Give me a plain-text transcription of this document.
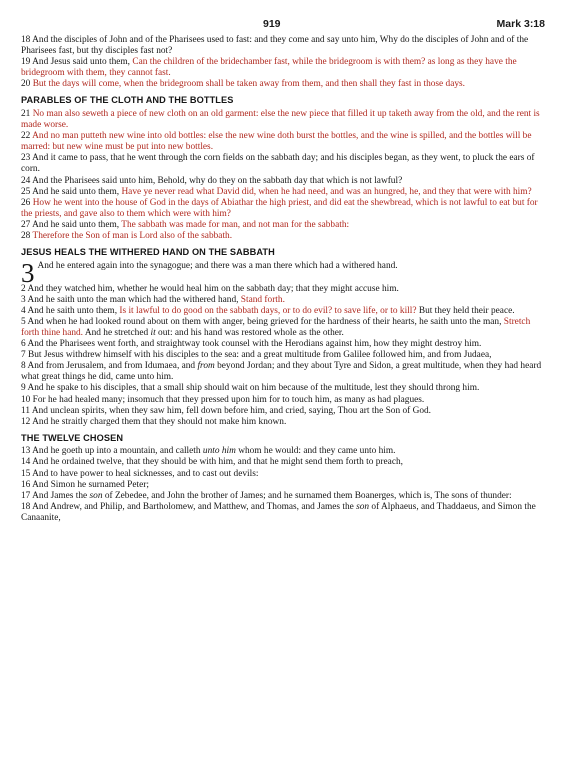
919	Mark 3:18

18 And the disciples of John and of the Pharisees used to fast: and they come and say unto him, Why do the disciples of John and of the Pharisees fast, but thy disciples fast not?

19 And Jesus said unto them, Can the children of the bridechamber fast, while the bridegroom is with them? as long as they have the bridegroom with them, they cannot fast.

20 But the days will come, when the bridegroom shall be taken away from them, and then shall they fast in those days.

PARABLES OF THE CLOTH AND THE BOTTLES

21 No man also seweth a piece of new cloth on an old garment: else the new piece that filled it up taketh away from the old, and the rent is made worse.

22 And no man putteth new wine into old bottles: else the new wine doth burst the bottles, and the wine is spilled, and the bottles will be marred: but new wine must be put into new bottles.

23 And it came to pass, that he went through the corn fields on the sabbath day; and his disciples began, as they went, to pluck the ears of corn.

24 And the Pharisees said unto him, Behold, why do they on the sabbath day that which is not lawful?

25 And he said unto them, Have ye never read what David did, when he had need, and was an hungred, he, and they that were with him?

26 How he went into the house of God in the days of Abiathar the high priest, and did eat the shewbread, which is not lawful to eat but for the priests, and gave also to them which were with him?

27 And he said unto them, The sabbath was made for man, and not man for the sabbath:

28 Therefore the Son of man is Lord also of the sabbath.

JESUS HEALS THE WITHERED HAND ON THE SABBATH

3 And he entered again into the synagogue; and there was a man there which had a withered hand.

2 And they watched him, whether he would heal him on the sabbath day; that they might accuse him.

3 And he saith unto the man which had the withered hand, Stand forth.

4 And he saith unto them, Is it lawful to do good on the sabbath days, or to do evil? to save life, or to kill? But they held their peace.

5 And when he had looked round about on them with anger, being grieved for the hardness of their hearts, he saith unto the man, Stretch forth thine hand. And he stretched it out: and his hand was restored whole as the other.

6 And the Pharisees went forth, and straightway took counsel with the Herodians against him, how they might destroy him.

7 But Jesus withdrew himself with his disciples to the sea: and a great multitude from Galilee followed him, and from Judaea,

8 And from Jerusalem, and from Idumaea, and from beyond Jordan; and they about Tyre and Sidon, a great multitude, when they had heard what great things he did, came unto him.

9 And he spake to his disciples, that a small ship should wait on him because of the multitude, lest they should throng him.

10 For he had healed many; insomuch that they pressed upon him for to touch him, as many as had plagues.

11 And unclean spirits, when they saw him, fell down before him, and cried, saying, Thou art the Son of God.

12 And he straitly charged them that they should not make him known.

THE TWELVE CHOSEN

13 And he goeth up into a mountain, and calleth unto him whom he would: and they came unto him.

14 And he ordained twelve, that they should be with him, and that he might send them forth to preach,

15 And to have power to heal sicknesses, and to cast out devils:

16 And Simon he surnamed Peter;

17 And James the son of Zebedee, and John the brother of James; and he surnamed them Boanerges, which is, The sons of thunder:

18 And Andrew, and Philip, and Bartholomew, and Matthew, and Thomas, and James the son of Alphaeus, and Thaddaeus, and Simon the Canaanite,
